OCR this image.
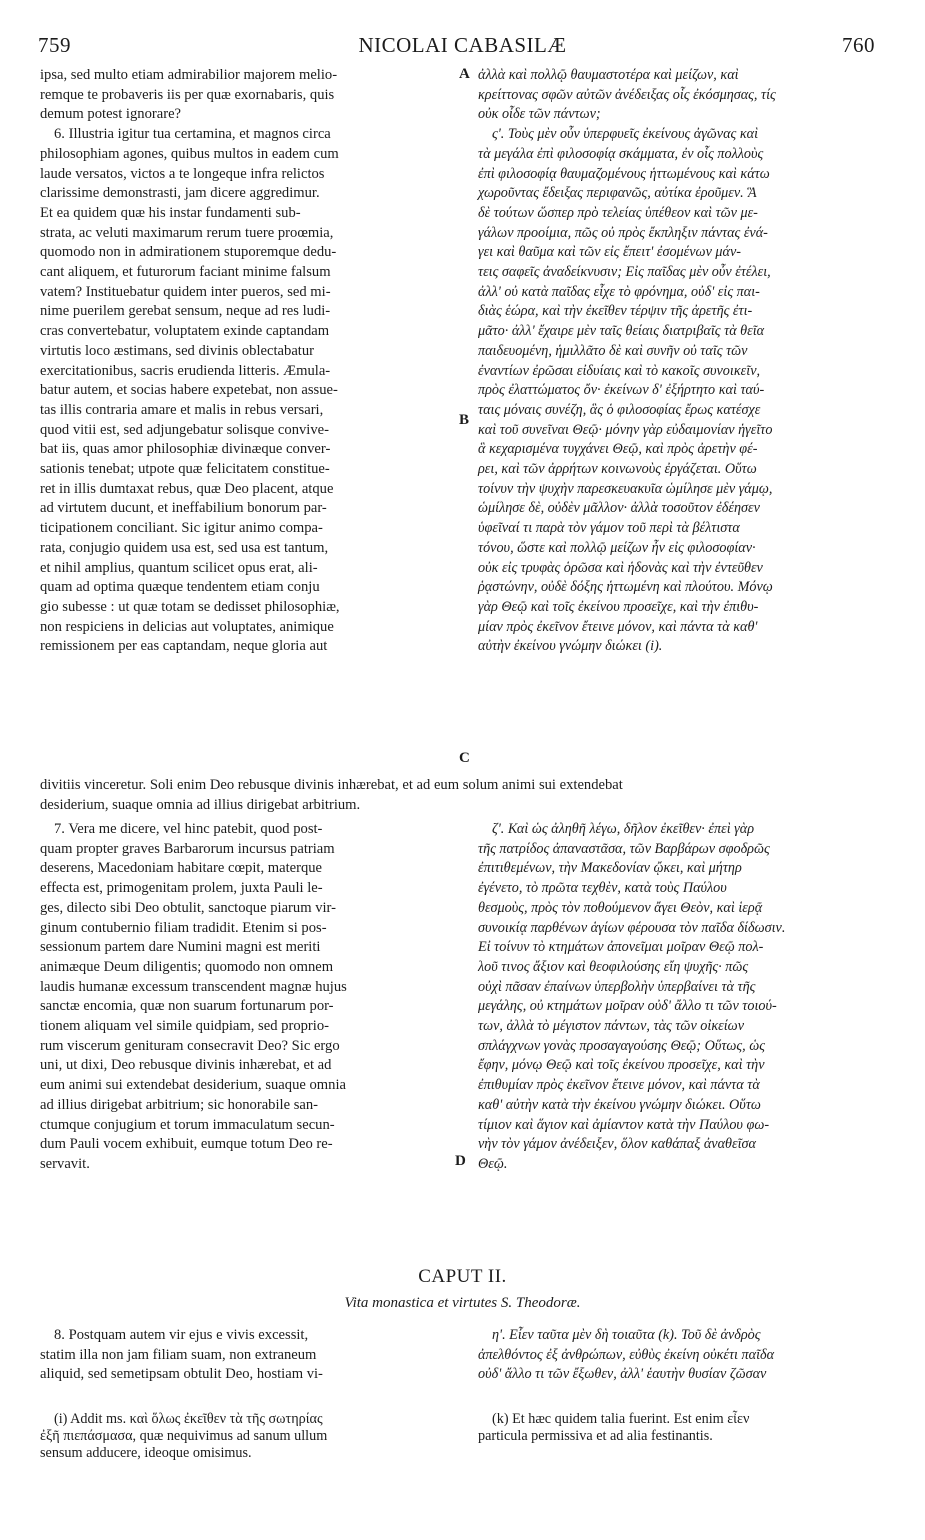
759	NICOLAI CABASILÆ	760

ipsa, sed multo etiam admirabilior majorem melio-

remque te probaveris iis per quæ exornabaris, quis

demum potest ignorare?

6. Illustria igitur tua certamina, et magnos circa

philosophiam agones, quibus multos in eadem cum

laude versatos, victos a te longeque infra relictos

clarissime demonstrasti, jam dicere aggredimur.

Et ea quidem quæ his instar fundamenti sub-

strata, ac veluti maximarum rerum tuere proœmia,

quomodo non in admirationem stuporemque dedu-

cant aliquem, et futurorum faciant minime falsum

vatem? Instituebatur quidem inter pueros, sed mi-

nime puerilem gerebat sensum, neque ad res ludi-

cras convertebatur, voluptatem exinde captandam

virtutis loco æstimans, sed divinis oblectabatur

exercitationibus, sacris erudienda litteris. Æmula-

batur autem, et socias habere expetebat, non assue-

tas illis contraria amare et malis in rebus versari,

quod vitii est, sed adjungebatur solisque convive-

bat iis, quas amor philosophiæ divinæque conver-

sationis tenebat; utpote quæ felicitatem constitue-

ret in illis dumtaxat rebus, quæ Deo placent, atque

ad virtutem ducunt, et ineffabilium bonorum par-

ticipationem conciliant. Sic igitur animo compa-

rata, conjugio quidem usa est, sed usa est tantum,

et nihil amplius, quantum scilicet opus erat, ali-

quam ad optima quæque tendentem etiam conju

gio subesse : ut quæ totam se dedisset philosophiæ,

non respiciens in delicias aut voluptates, animique

remissionem per eas captandam, neque gloria aut

ἀλλὰ καὶ πολλῷ θαυμαστοτέρα καὶ μείζων, καὶ

κρείττονας σφῶν αὐτῶν ἀνέδειξας οἷς ἐκόσμησας, τίς

οὐκ οἶδε τῶν πάντων;

ς'. Τοὺς μὲν οὖν ὑπερφυεῖς ἐκείνους ἀγῶνας καὶ

τὰ μεγάλα ἐπὶ φιλοσοφίᾳ σκάμματα, ἐν οἷς πολλοὺς

ἐπὶ φιλοσοφίᾳ θαυμαζομένους ἡττωμένους καὶ κάτω

χωροῦντας ἔδειξας περιφανῶς, αὐτίκα ἐροῦμεν. Ἃ

δὲ τούτων ὥσπερ πρὸ τελείας ὑπέθεον καὶ τῶν με-

γάλων προοίμια, πῶς οὐ πρὸς ἔκπληξιν πάντας ἐνά-

γει καὶ θαῦμα καὶ τῶν εἰς ἔπειτ' ἐσομένων μάν-

τεις σαφεῖς ἀναδείκνυσιν; Εἰς παῖδας μὲν οὖν ἐτέλει,

ἀλλ' οὐ κατὰ παῖδας εἶχε τὸ φρόνημα, οὐδ' εἰς παι-

διὰς ἑώρα, καὶ τὴν ἐκεῖθεν τέρψιν τῆς ἀρετῆς ἐτι-

μᾶτο· ἀλλ' ἔχαιρε μὲν ταῖς θείαις διατριβαῖς τὰ θεῖα

παιδευομένη, ἡμιλλᾶτο δὲ καὶ συνῆν οὐ ταῖς τῶν

ἐναντίων ἐρῶσαι εἰδυίαις καὶ τὸ κακοῖς συνοικεῖν,

πρὸς ἐλαττώματος ὄν· ἐκείνων δ' ἐξήρτητο καὶ ταύ-

ταις μόναις συνέζη, ἃς ὁ φιλοσοφίας ἔρως κατέσχε

καὶ τοῦ συνεῖναι Θεῷ· μόνην γὰρ εὐδαιμονίαν ἡγεῖτο

ἃ κεχαρισμένα τυγχάνει Θεῷ, καὶ πρὸς ἀρετὴν φέ-

ρει, καὶ τῶν ἀρρήτων κοινωνοὺς ἐργάζεται. Οὕτω

τοίνυν τὴν ψυχὴν παρεσκευακυῖα ὡμίλησε μὲν γάμῳ,

ὡμίλησε δὲ, οὐδὲν μᾶλλον· ἀλλὰ τοσοῦτον ἐδέησεν

ὑφεῖναί τι παρὰ τὸν γάμον τοῦ περὶ τὰ βέλτιστα

τόνου, ὥστε καὶ πολλῷ μείζων ἦν εἰς φιλοσοφίαν·

οὐκ εἰς τρυφὰς ὁρῶσα καὶ ἡδονὰς καὶ τὴν ἐντεῦθεν

ῥᾳστώνην, οὐδὲ δόξης ἡττωμένη καὶ πλούτου. Μόνῳ

γὰρ Θεῷ καὶ τοῖς ἐκείνου προσεῖχε, καὶ τὴν ἐπιθυ-

μίαν πρὸς ἐκεῖνον ἔτεινε μόνον, καὶ πάντα τὰ καθ'

αὐτὴν ἐκείνου γνώμην διώκει (i).

A
B
C
D

divitiis vinceretur. Soli enim Deo rebusque divinis inhærebat, et ad eum solum animi sui extendebat

desiderium, suaque omnia ad illius dirigebat arbitrium.

7. Vera me dicere, vel hinc patebit, quod post-

quam propter graves Barbarorum incursus patriam

deserens, Macedoniam habitare cœpit, materque

effecta est, primogenitam prolem, juxta Pauli le-

ges, dilecto sibi Deo obtulit, sanctoque piarum vir-

ginum contubernio filiam tradidit. Etenim si pos-

sessionum partem dare Numini magni est meriti

animæque Deum diligentis; quomodo non omnem

laudis humanæ excessum transcendent magnæ hujus

sanctæ encomia, quæ non suarum fortunarum por-

tionem aliquam vel simile quidpiam, sed proprio-

rum viscerum genituram consecravit Deo? Sic ergo

uni, ut dixi, Deo rebusque divinis inhærebat, et ad

eum animi sui extendebat desiderium, suaque omnia

ad illius dirigebat arbitrium; sic honorabile san-

ctumque conjugium et torum immaculatum secun-

dum Pauli vocem exhibuit, eumque totum Deo re-

servavit.

ζ'. Καὶ ὡς ἀληθῆ λέγω, δῆλον ἐκεῖθεν· ἐπεὶ γὰρ

τῆς πατρίδος ἀπαναστᾶσα, τῶν Βαρβάρων σφοδρῶς

ἐπιτιθεμένων, τὴν Μακεδονίαν ᾤκει, καὶ μήτηρ

ἐγένετο, τὸ πρῶτα τεχθὲν, κατὰ τοὺς Παύλου

θεσμοὺς, πρὸς τὸν ποθούμενον ἄγει Θεὸν, καὶ ἱερᾷ

συνοικίᾳ παρθένων ἁγίων φέρουσα τὸν παῖδα δίδωσιν.

Εἰ τοίνυν τὸ κτημάτων ἀπονεῖμαι μοῖραν Θεῷ πολ-

λοῦ τινος ἄξιον καὶ θεοφιλούσης εἴη ψυχῆς· πῶς

οὐχὶ πᾶσαν ἐπαίνων ὑπερβολὴν ὑπερβαίνει τὰ τῆς

μεγάλης, οὐ κτημάτων μοῖραν οὐδ' ἄλλο τι τῶν τοιού-

των, ἀλλὰ τὸ μέγιστον πάντων, τὰς τῶν οἰκείων

σπλάγχνων γονὰς προσαγαγούσης Θεῷ; Οὕτως, ὡς

ἔφην, μόνῳ Θεῷ καὶ τοῖς ἐκείνου προσεῖχε, καὶ τὴν

ἐπιθυμίαν πρὸς ἐκεῖνον ἔτεινε μόνον, καὶ πάντα τὰ

καθ' αὐτὴν κατὰ τὴν ἐκείνου γνώμην διώκει. Οὕτω

τίμιον καὶ ἅγιον καὶ ἀμίαντον κατὰ τὴν Παύλου φω-

νὴν τὸν γάμον ἀνέδειξεν, ὅλον καθάπαξ ἀναθεῖσα

Θεῷ.

CAPUT II.
Vita monastica et virtutes S. Theodoræ.

8. Postquam autem vir ejus e vivis excessit,

statim illa non jam filiam suam, non extraneum

aliquid, sed semetipsam obtulit Deo, hostiam vi-

η'. Εἶεν ταῦτα μὲν δὴ τοιαῦτα (k). Τοῦ δὲ ἀνδρὸς

ἀπελθόντος ἐξ ἀνθρώπων, εὐθὺς ἐκείνη οὐκέτι παῖδα

οὐδ' ἄλλο τι τῶν ἔξωθεν, ἀλλ' ἑαυτὴν θυσίαν ζῶσαν

(i) Addit ms. καὶ ὅλως ἐκεῖθεν τὰ τῆς σωτηρίας

ἐξῆ πιεπάσμασα, quæ nequivimus ad sanum ullum

sensum adducere, ideoque omisimus.

(k) Et hæc quidem talia fuerint. Est enim εἶεν

particula permissiva et ad alia festinantis.
